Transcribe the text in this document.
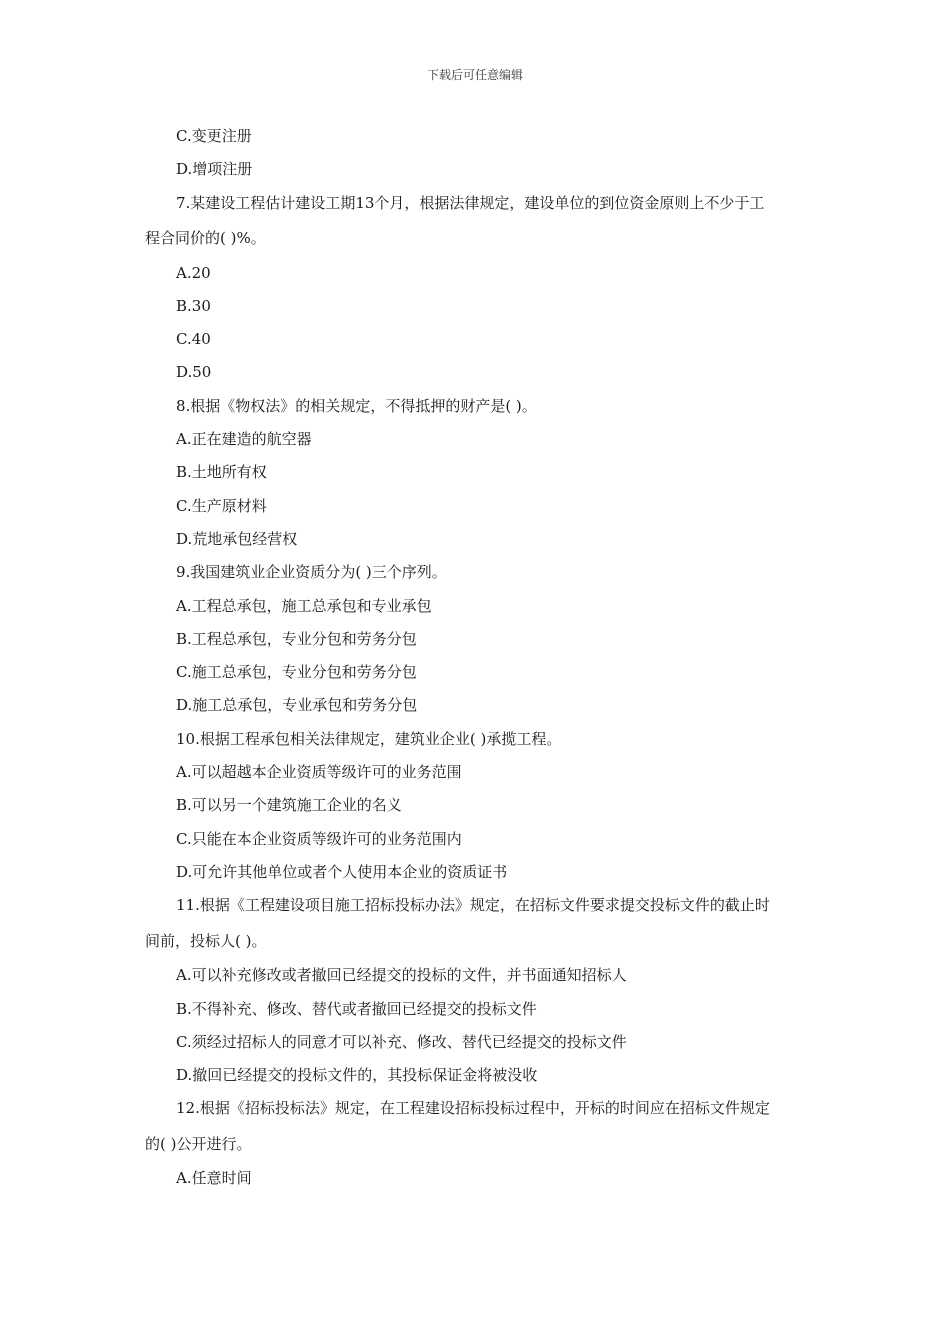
下载后可任意编辑
C.变更注册
D.增项注册
7.某建设工程估计建设工期13个月，根据法律规定，建设单位的到位资金原则上不少于工
程合同价的( )%。
A.20
B.30
C.40
D.50
8.根据《物权法》的相关规定，不得抵押的财产是( )。
A.正在建造的航空器
B.土地所有权
C.生产原材料
D.荒地承包经营权
9.我国建筑业企业资质分为( )三个序列。
A.工程总承包，施工总承包和专业承包
B.工程总承包，专业分包和劳务分包
C.施工总承包，专业分包和劳务分包
D.施工总承包，专业承包和劳务分包
10.根据工程承包相关法律规定，建筑业企业( )承揽工程。
A.可以超越本企业资质等级许可的业务范围
B.可以另一个建筑施工企业的名义
C.只能在本企业资质等级许可的业务范围内
D.可允许其他单位或者个人使用本企业的资质证书
11.根据《工程建设项目施工招标投标办法》规定，在招标文件要求提交投标文件的截止时
间前，投标人( )。
A.可以补充修改或者撤回已经提交的投标的文件，并书面通知招标人
B.不得补充、修改、替代或者撤回已经提交的投标文件
C.须经过招标人的同意才可以补充、修改、替代已经提交的投标文件
D.撤回已经提交的投标文件的，其投标保证金将被没收
12.根据《招标投标法》规定，在工程建设招标投标过程中，开标的时间应在招标文件规定
的( )公开进行。
A.任意时间
